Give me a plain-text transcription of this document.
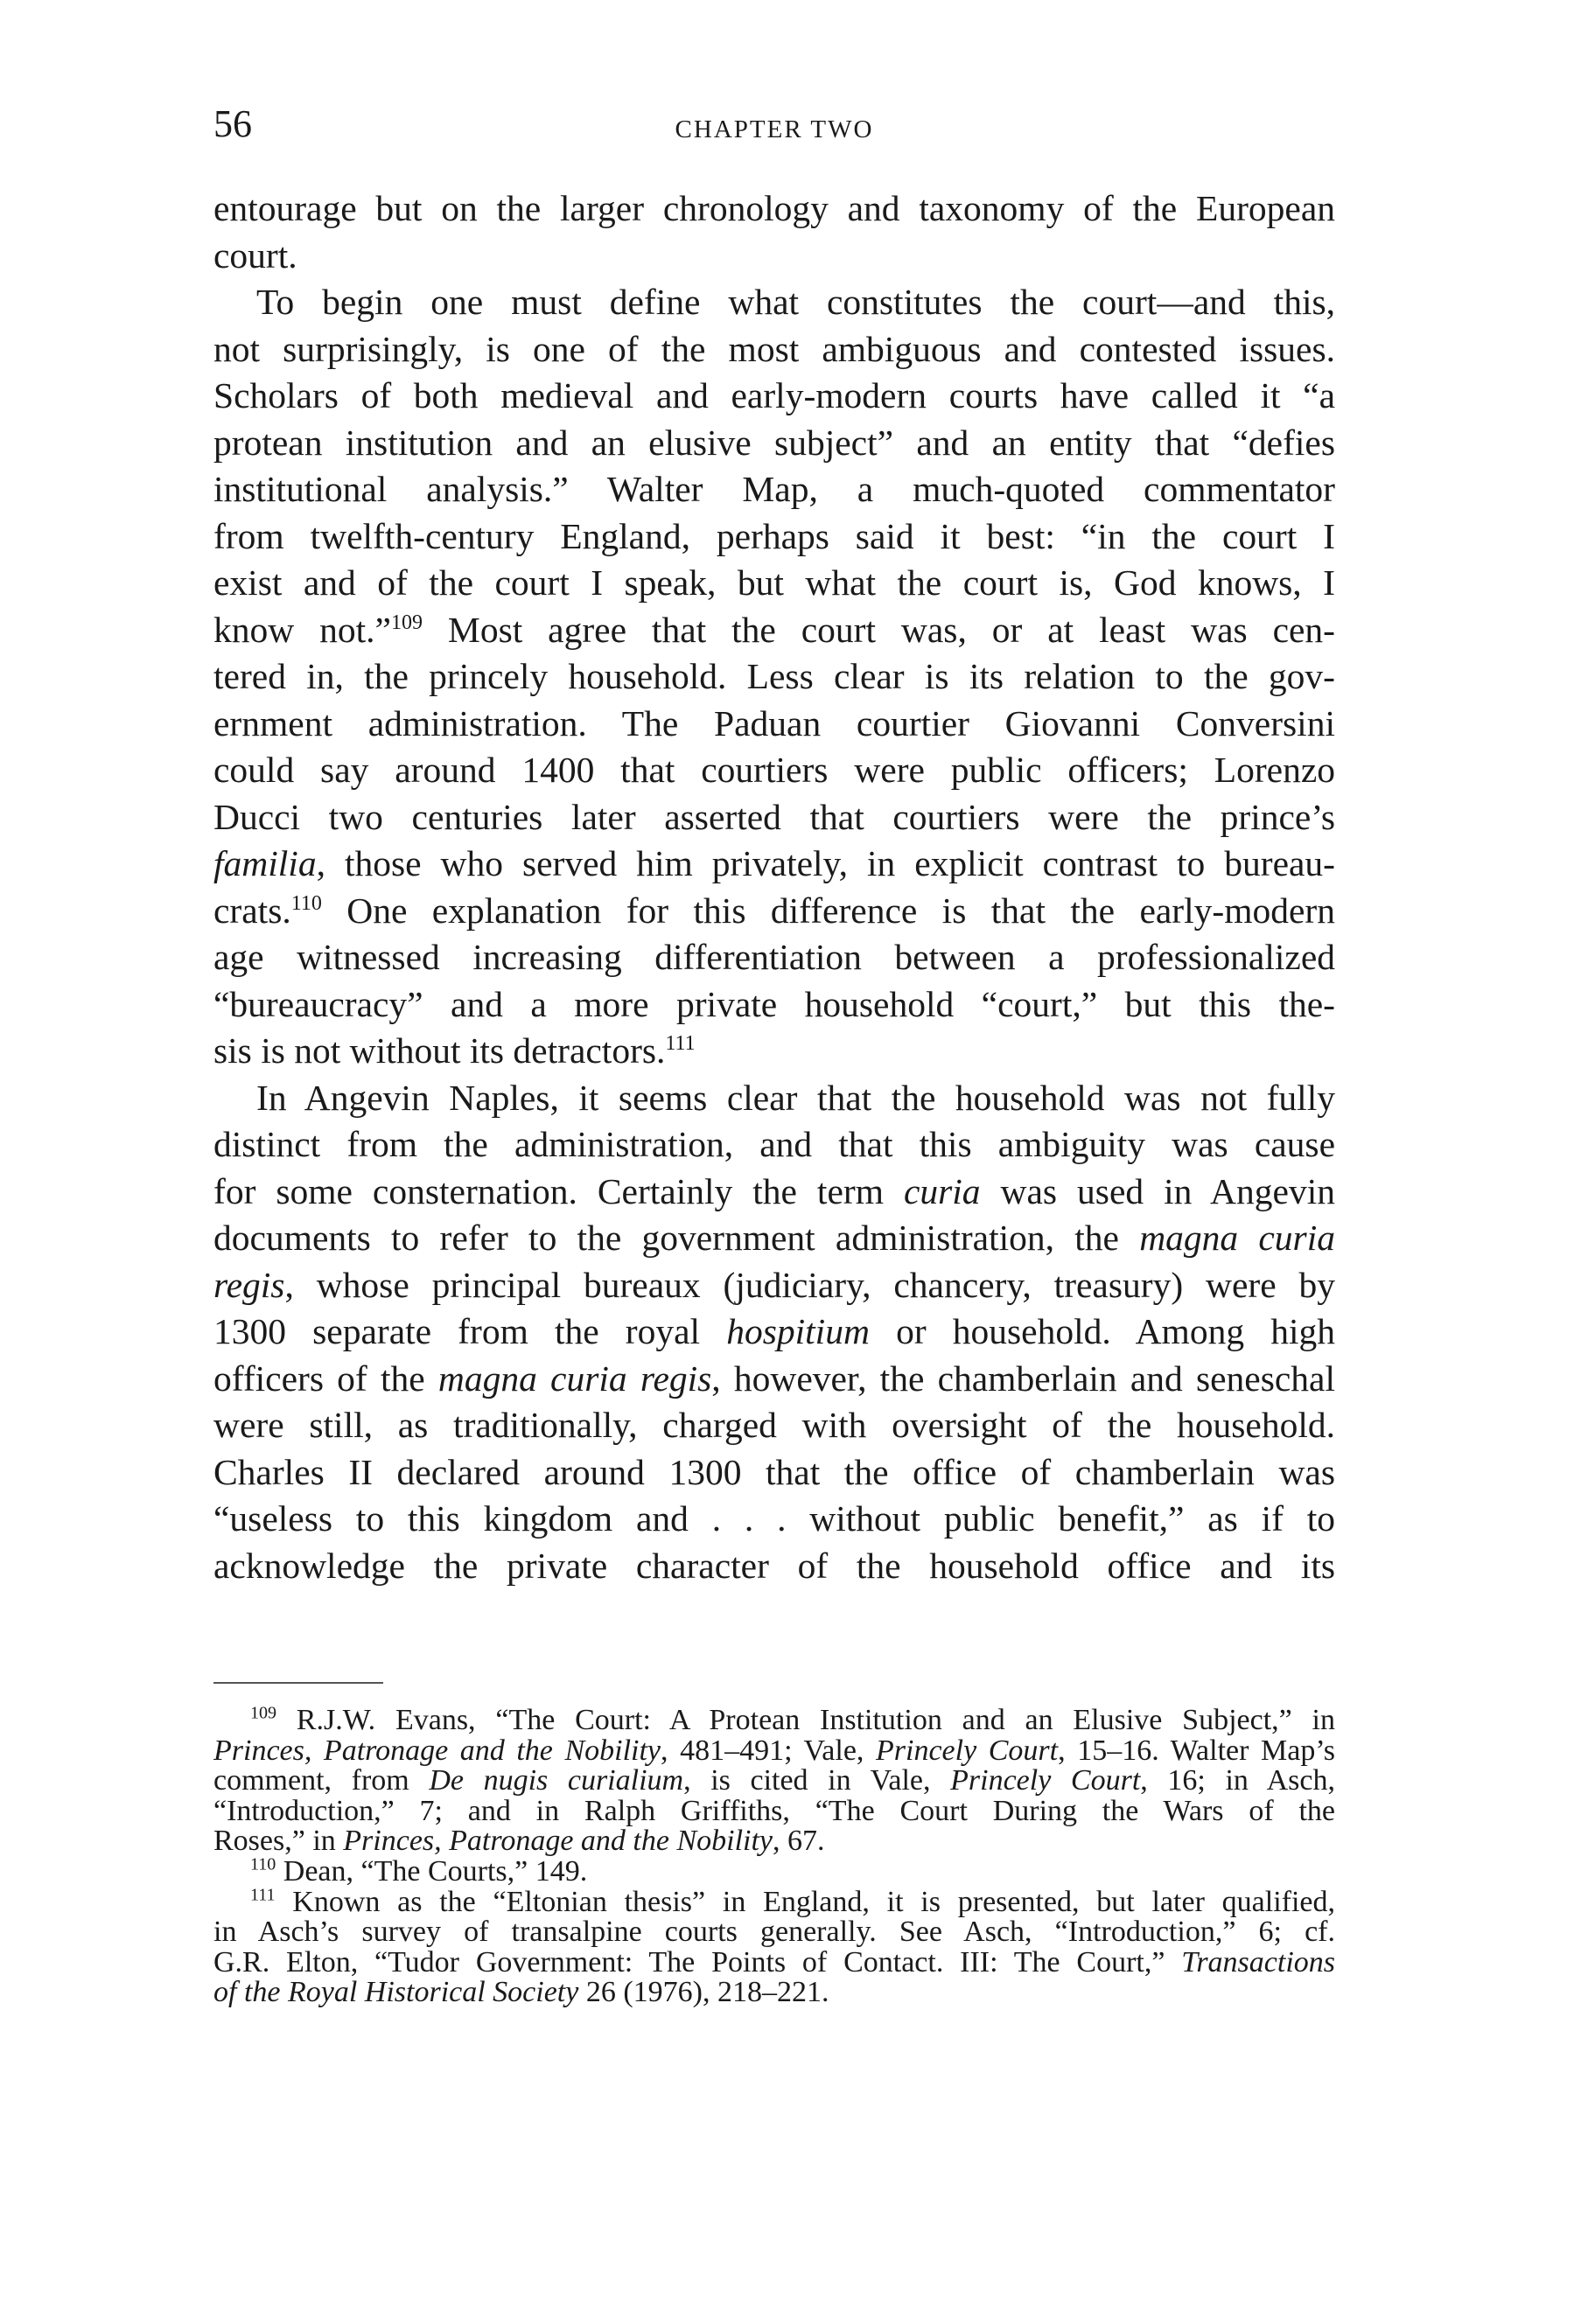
56	CHAPTER TWO
entourage but on the larger chronology and taxonomy of the European
court.
To begin one must define what constitutes the court—and this,
not surprisingly, is one of the most ambiguous and contested issues.
Scholars of both medieval and early-modern courts have called it “a
protean institution and an elusive subject” and an entity that “defies
institutional analysis.” Walter Map, a much-quoted commentator
from twelfth-century England, perhaps said it best: “in the court I
exist and of the court I speak, but what the court is, God knows, I
know not.”$^{109}$ Most agree that the court was, or at least was cen-
tered in, the princely household. Less clear is its relation to the gov-
ernment administration. The Paduan courtier Giovanni Conversini
could say around 1400 that courtiers were public officers; Lorenzo
Ducci two centuries later asserted that courtiers were the prince’s
familia, those who served him privately, in explicit contrast to bureau-
crats.$^{110}$ One explanation for this difference is that the early-modern
age witnessed increasing differentiation between a professionalized
“bureaucracy” and a more private household “court,” but this the-
sis is not without its detractors.$^{111}$
In Angevin Naples, it seems clear that the household was not fully
distinct from the administration, and that this ambiguity was cause
for some consternation. Certainly the term curia was used in Angevin
documents to refer to the government administration, the magna curia
regis, whose principal bureaux (judiciary, chancery, treasury) were by
1300 separate from the royal hospitium or household. Among high
officers of the magna curia regis, however, the chamberlain and seneschal
were still, as traditionally, charged with oversight of the household.
Charles II declared around 1300 that the office of chamberlain was
“useless to this kingdom and . . . without public benefit,” as if to
acknowledge the private character of the household office and its
$^{109}$ R.J.W. Evans, “The Court: A Protean Institution and an Elusive Subject,” in
Princes, Patronage and the Nobility, 481–491; Vale, Princely Court, 15–16. Walter Map’s
comment, from De nugis curialium, is cited in Vale, Princely Court, 16; in Asch,
“Introduction,” 7; and in Ralph Griffiths, “The Court During the Wars of the
Roses,” in Princes, Patronage and the Nobility, 67.
$^{110}$ Dean, “The Courts,” 149.
$^{111}$ Known as the “Eltonian thesis” in England, it is presented, but later qualified,
in Asch’s survey of transalpine courts generally. See Asch, “Introduction,” 6; cf.
G.R. Elton, “Tudor Government: The Points of Contact. III: The Court,” Transactions
of the Royal Historical Society 26 (1976), 218–221.
